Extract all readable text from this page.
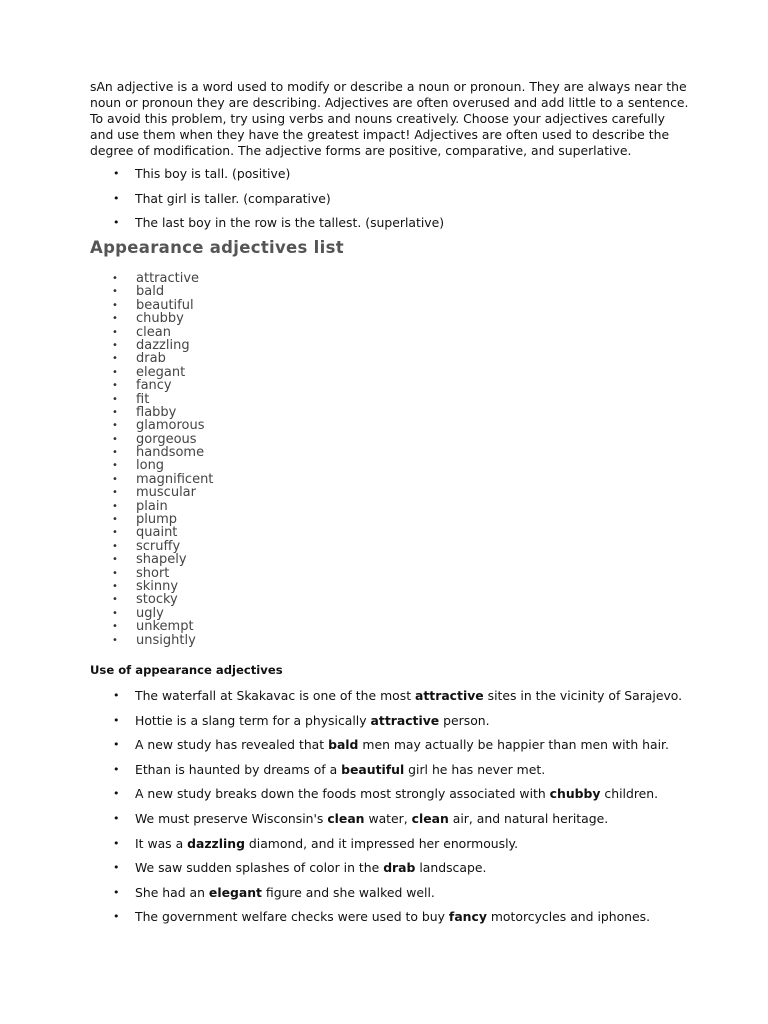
sAn adjective is a word used to modify or describe a noun or pronoun. They are always near the noun or pronoun they are describing. Adjectives are often overused and add little to a sentence. To avoid this problem, try using verbs and nouns creatively. Choose your adjectives carefully and use them when they have the greatest impact! Adjectives are often used to describe the degree of modification. The adjective forms are positive, comparative, and superlative.

• This boy is tall. (positive)
• That girl is taller. (comparative)
• The last boy in the row is the tallest. (superlative)
Appearance adjectives list
• attractive
• bald
• beautiful
• chubby
• clean
• dazzling
• drab
• elegant
• fancy
• fit
• flabby
• glamorous
• gorgeous
• handsome
• long
• magnificent
• muscular
• plain
• plump
• quaint
• scruffy
• shapely
• short
• skinny
• stocky
• ugly
• unkempt
• unsightly
Use of appearance adjectives
• The waterfall at Skakavac is one of the most attractive sites in the vicinity of Sarajevo.
• Hottie is a slang term for a physically attractive person.
• A new study has revealed that bald men may actually be happier than men with hair.
• Ethan is haunted by dreams of a beautiful girl he has never met.
• A new study breaks down the foods most strongly associated with chubby children.
• We must preserve Wisconsin's clean water, clean air, and natural heritage.
• It was a dazzling diamond, and it impressed her enormously.
• We saw sudden splashes of color in the drab landscape.
• She had an elegant figure and she walked well.
• The government welfare checks were used to buy fancy motorcycles and iphones.
